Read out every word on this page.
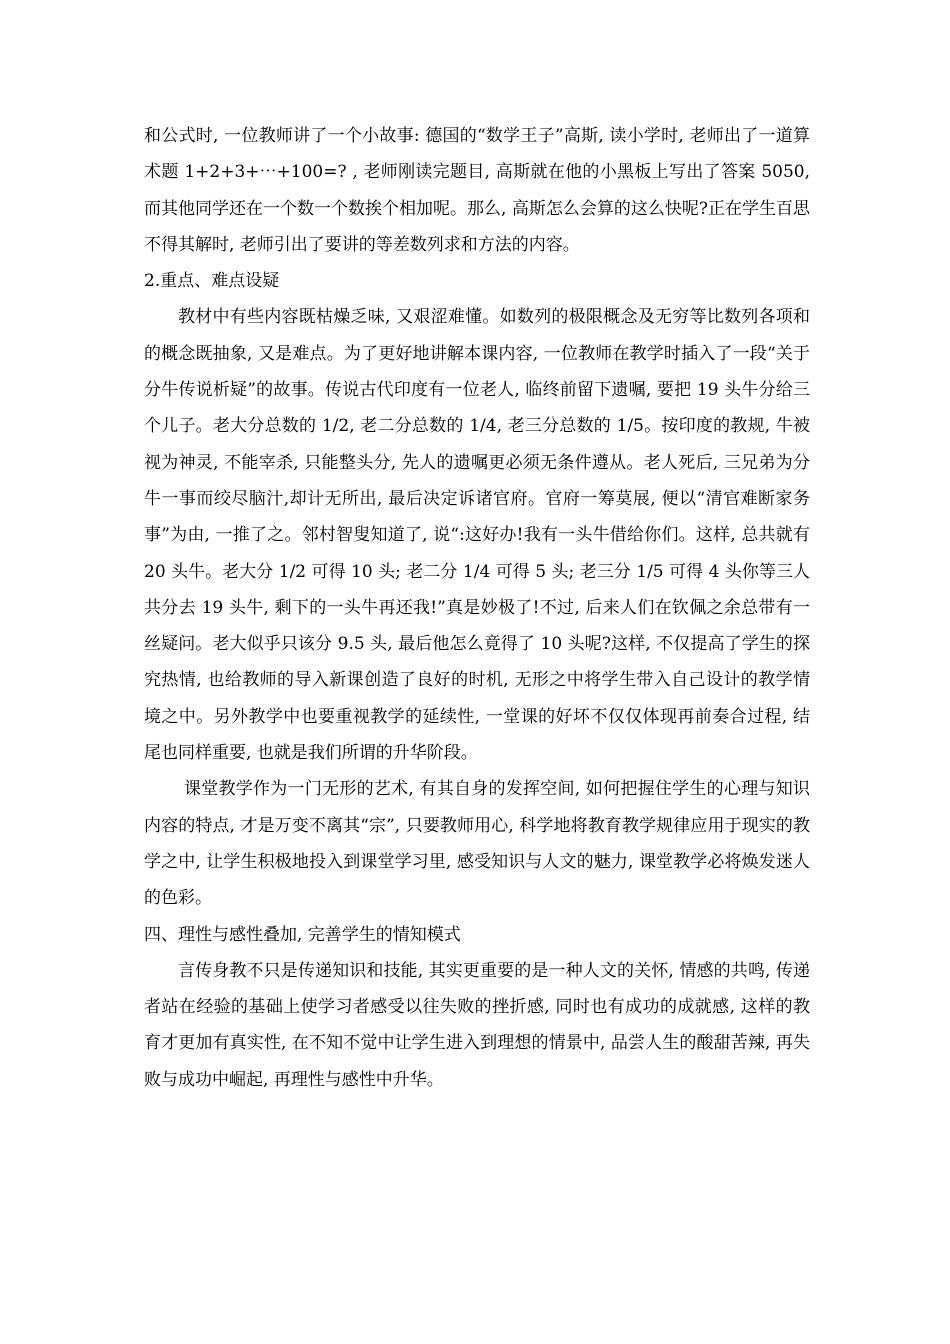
和公式时, 一位教师讲了一个小故事: 德国的“数学王子”高斯, 读小学时, 老师出了一道算术题 1+2+3+⋯+100=? , 老师刚读完题目, 高斯就在他的小黑板上写出了答案 5050, 而其他同学还在一个数一个数挨个相加呢。那么, 高斯怎么会算的这么快呢?正在学生百思不得其解时, 老师引出了要讲的等差数列求和方法的内容。

2.重点、难点设疑

教材中有些内容既枯燥乏味, 又艰涩难懂。如数列的极限概念及无穷等比数列各项和的概念既抽象, 又是难点。为了更好地讲解本课内容, 一位教师在教学时插入了一段“关于分牛传说析疑”的故事。传说古代印度有一位老人, 临终前留下遗嘱, 要把 19 头牛分给三个儿子。老大分总数的 1/2, 老二分总数的 1/4, 老三分总数的 1/5。按印度的教规, 牛被视为神灵, 不能宰杀, 只能整头分, 先人的遗嘱更必须无条件遵从。老人死后, 三兄弟为分牛一事而绞尽脑汁,却计无所出, 最后决定诉诸官府。官府一筹莫展, 便以“清官难断家务事”为由, 一推了之。邻村智叟知道了, 说“:这好办!我有一头牛借给你们。这样, 总共就有 20 头牛。老大分 1/2 可得 10 头; 老二分 1/4 可得 5 头; 老三分 1/5 可得 4 头你等三人共分去 19 头牛, 剩下的一头牛再还我!”真是妙极了!不过, 后来人们在钦佩之余总带有一丝疑问。老大似乎只该分 9.5 头, 最后他怎么竟得了 10 头呢?这样, 不仅提高了学生的探究热情, 也给教师的导入新课创造了良好的时机, 无形之中将学生带入自己设计的教学情境之中。另外教学中也要重视教学的延续性, 一堂课的好坏不仅仅体现再前奏合过程, 结尾也同样重要, 也就是我们所谓的升华阶段。

课堂教学作为一门无形的艺术, 有其自身的发挥空间, 如何把握住学生的心理与知识内容的特点, 才是万变不离其“宗”, 只要教师用心, 科学地将教育教学规律应用于现实的教学之中, 让学生积极地投入到课堂学习里, 感受知识与人文的魅力, 课堂教学必将焕发迷人的色彩。

四、理性与感性叠加, 完善学生的情知模式

言传身教不只是传递知识和技能, 其实更重要的是一种人文的关怀, 情感的共鸣, 传递者站在经验的基础上使学习者感受以往失败的挫折感, 同时也有成功的成就感, 这样的教育才更加有真实性, 在不知不觉中让学生进入到理想的情景中, 品尝人生的酸甜苦辣, 再失败与成功中崛起, 再理性与感性中升华。
